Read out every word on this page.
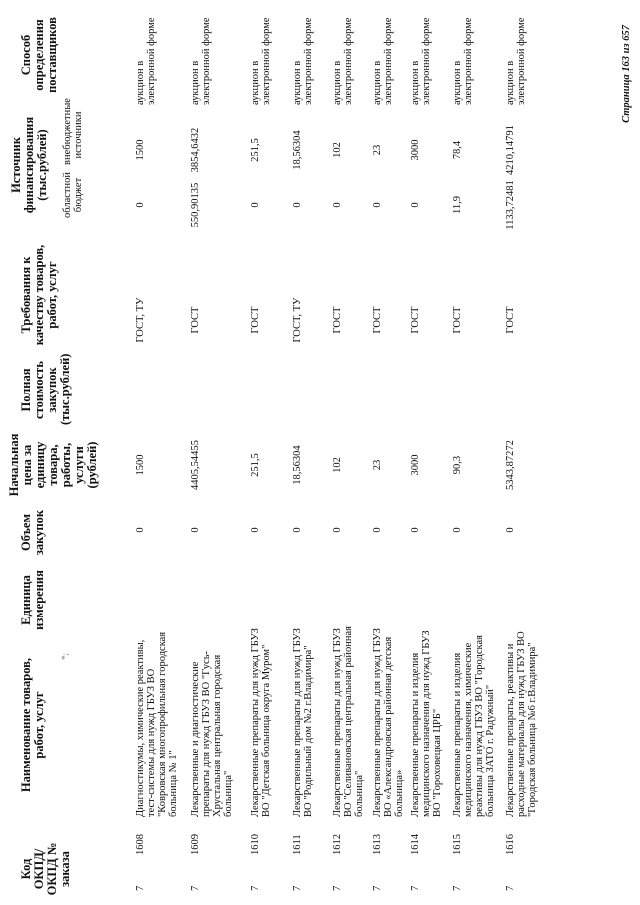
Код ОКПД/ ОКПД № заказа
Наименование товаров, работ, услуг
Единица измерения
Объем закупок
Начальная цена за единицу товара, работы, услуги (рублей)
Полная стоимость закупок (тыс.рублей)
Требования к качеству товаров, работ, услуг
Источник финансирования (тыс.рублей) областной бюджет
внебюджетные источники
Способ определения поставщиков
*;
7
1608
Диагностикумы, химические реактивы, тест-системы для нужд ГБУЗ ВО "Ковровская многопрофильная городская больница № 1"
0
1500
ГОСТ, ТУ
0
1500
аукцион в электронной форме
7
1609
Лекарственные и диагностические препараты для нужд ГБУЗ ВО "Гусь-Хрустальная центральная городская больница"
0
4405,54455
ГОСТ
550,90135
3854,6432
аукцион в электронной форме
7
1610
Лекарственные препараты для нужд ГБУЗ ВО "Детская больница округа Муром"
0
251,5
ГОСТ
0
251,5
аукцион в электронной форме
7
1611
Лекарственные препараты для нужд ГБУЗ ВО "Родильный дом №2 г.Владимира"
0
18,56304
ГОСТ, ТУ
0
18,56304
аукцион в электронной форме
7
1612
Лекарственные препараты для нужд ГБУЗ ВО "Селивановская центральная районная больница"
0
102
ГОСТ
0
102
аукцион в электронной форме
7
1613
Лекарственные препараты для нужд ГБУЗ ВО «Александровская районная детская больница»
0
23
ГОСТ
0
23
аукцион в электронной форме
7
1614
Лекарственные препараты и изделия медицинского назначения для нужд ГБУЗ ВО "Гороховецкая ЦРБ"
0
3000
ГОСТ
0
3000
аукцион в электронной форме
7
1615
Лекарственные препараты и изделия медицинского назначения, химические реактивы для нужд ГБУЗ ВО "Городская больница ЗАТО г. Радужный"
0
90,3
ГОСТ
11,9
78,4
аукцион в электронной форме
7
1616
Лекарственные препараты, реактивы и расходные материалы для нужд ГБУЗ ВО "Городская больница №6 г.Владимира"
0
5343,87272
ГОСТ
1133,72481
4210,14791
аукцион в электронной форме	Страница 163 из 657
